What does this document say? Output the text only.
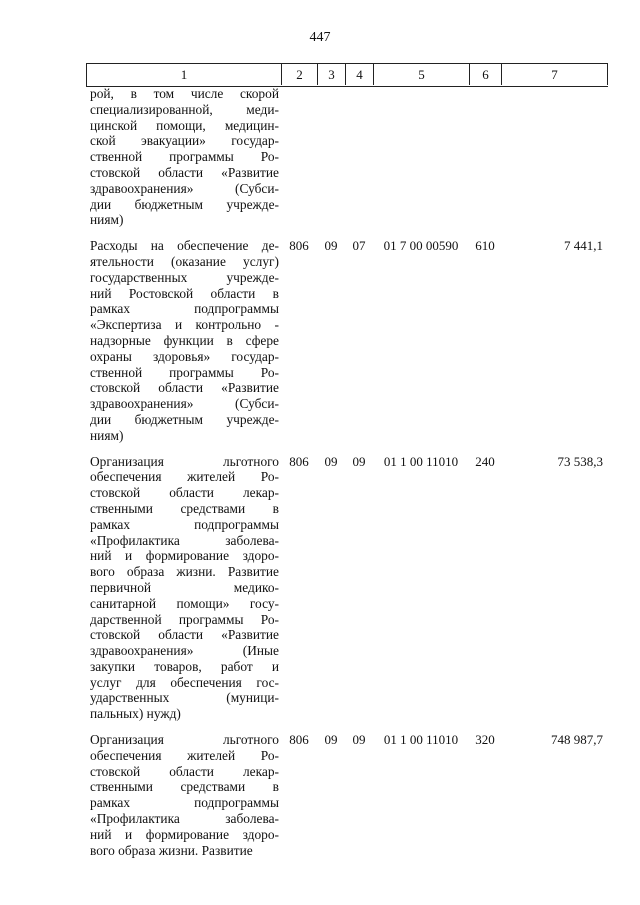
447
1	2	3	4	5	6	7
рой, в том числе скорой
специализированной, меди-
цинской помощи, медицин-
ской эвакуации» государ-
ственной программы Ро-
стовской области «Развитие
здравоохранения» (Субси-
дии бюджетным учрежде-
ниям)
Расходы на обеспечение де-
ятельности (оказание услуг)
государственных учрежде-
ний Ростовской области в
рамках подпрограммы
«Экспертиза и контрольно -
надзорные функции в сфере
охраны здоровья» государ-
ственной программы Ро-
стовской области «Развитие
здравоохранения» (Субси-
дии бюджетным учрежде-
ниям)
806	09	07	01 7 00 00590	610	7 441,1
Организация льготного
обеспечения жителей Ро-
стовской области лекар-
ственными средствами в
рамках подпрограммы
«Профилактика заболева-
ний и формирование здоро-
вого образа жизни. Развитие
первичной медико-
санитарной помощи» госу-
дарственной программы Ро-
стовской области «Развитие
здравоохранения» (Иные
закупки товаров, работ и
услуг для обеспечения гос-
ударственных (муници-
пальных) нужд)
806	09	09	01 1 00 11010	240	73 538,3
Организация льготного
обеспечения жителей Ро-
стовской области лекар-
ственными средствами в
рамках подпрограммы
«Профилактика заболева-
ний и формирование здоро-
вого образа жизни. Развитие
806	09	09	01 1 00 11010	320	748 987,7
